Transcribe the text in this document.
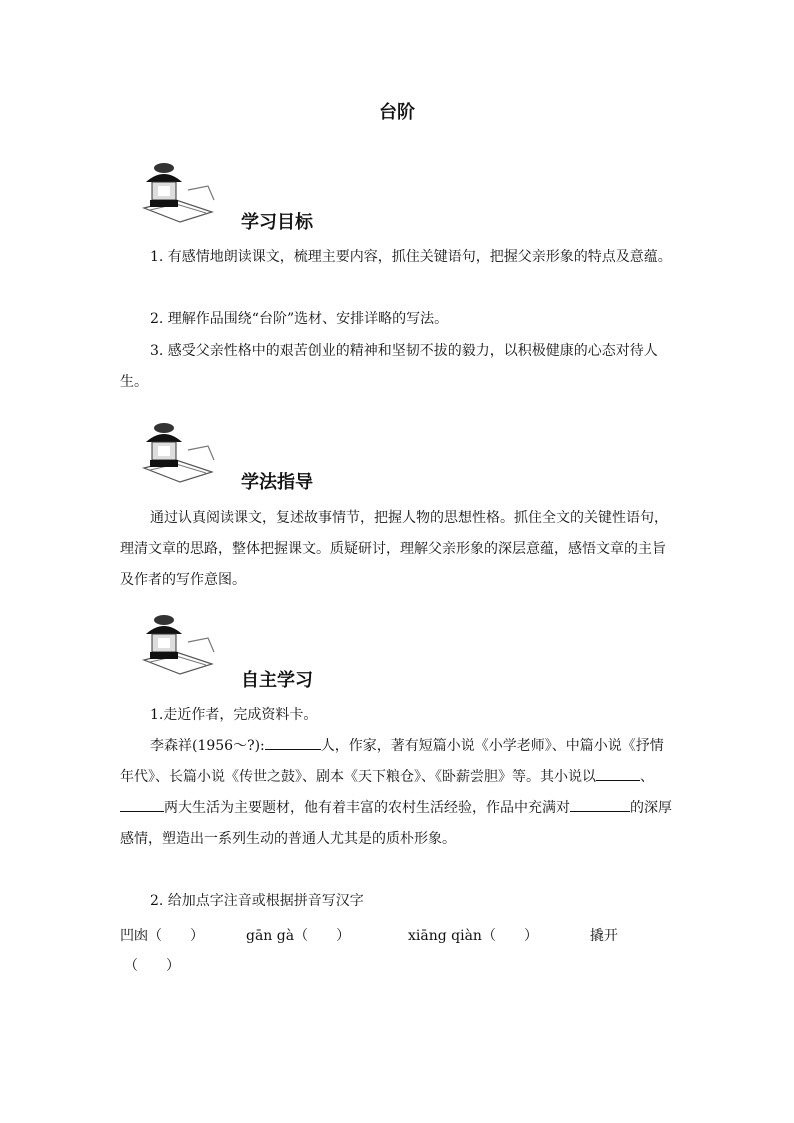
台阶
学习目标

1. 有感情地朗读课文，梳理主要内容，抓住关键语句，把握父亲形象的特点及意蕴。

2. 理解作品围绕“台阶”选材、安排详略的写法。

3. 感受父亲性格中的艰苦创业的精神和坚韧不拔的毅力，以积极健康的心态对待人生。

学法指导

通过认真阅读课文，复述故事情节，把握人物的思想性格。抓住全文的关键性语句，理清文章的思路，整体把握课文。质疑研讨，理解父亲形象的深层意蕴，感悟文章的主旨及作者的写作意图。

自主学习

1.走近作者，完成资料卡。

李森祥(1956～?):	人，作家，著有短篇小说《小学老师》、中篇小说《抒情年代》、长篇小说《传世之鼓》、剧本《天下粮仓》、《卧薪尝胆》等。其小说以	、两大生活为主要题材，他有着丰富的农村生活经验，作品中充满对	的深厚感情，塑造出一系列生动的普通人尤其是的质朴形象。

2. 给加点字注音或根据拼音写汉字

凹凼（　　）	gān gà（　　）	xiāng qiàn（　　）	撬开
（　　）
